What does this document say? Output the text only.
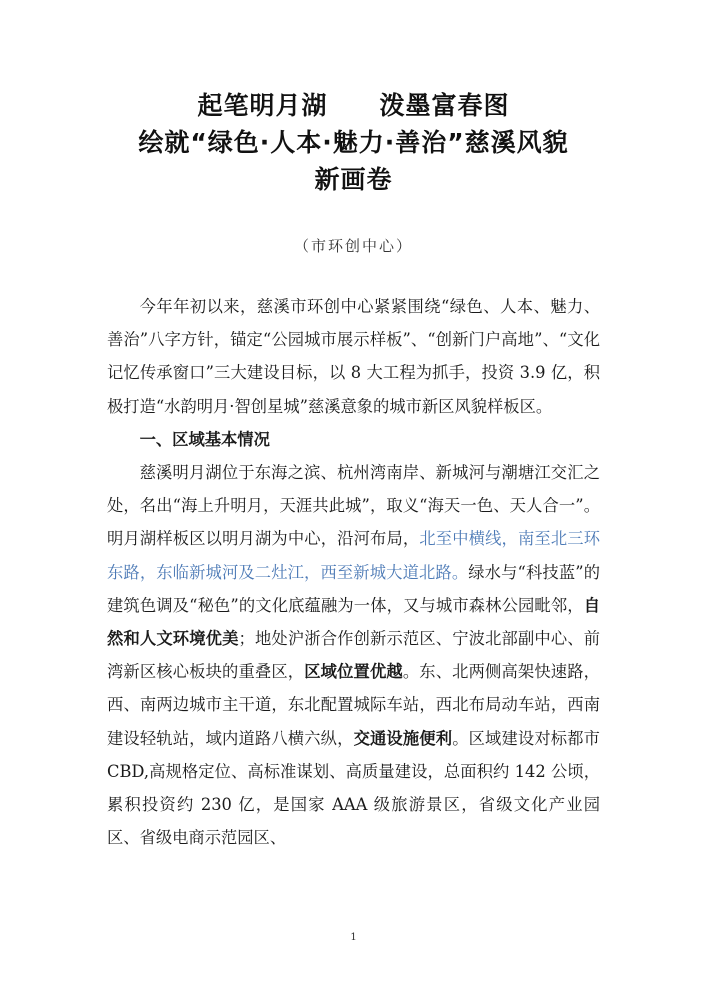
起笔明月湖　　泼墨富春图
绘就“绿色·人本·魅力·善治”慈溪风貌
新画卷
（市环创中心）

今年年初以来，慈溪市环创中心紧紧围绕“绿色、人本、魅力、善治”八字方针，锚定“公园城市展示样板”、“创新门户高地”、“文化记忆传承窗口”三大建设目标，以 8 大工程为抓手，投资 3.9 亿，积极打造“水韵明月·智创星城”慈溪意象的城市新区风貌样板区。

一、区域基本情况

慈溪明月湖位于东海之滨、杭州湾南岸、新城河与潮塘江交汇之处，名出“海上升明月，天涯共此城”，取义“海天一色、天人合一”。明月湖样板区以明月湖为中心，沿河布局，北至中横线，南至北三环东路，东临新城河及二灶江，西至新城大道北路。绿水与“科技蓝”的建筑色调及“秘色”的文化底蕴融为一体，又与城市森林公园毗邻，自然和人文环境优美；地处沪浙合作创新示范区、宁波北部副中心、前湾新区核心板块的重叠区，区域位置优越。东、北两侧高架快速路，西、南两边城市主干道，东北配置城际车站，西北布局动车站，西南建设轻轨站，域内道路八横六纵，交通设施便利。区域建设对标都市 CBD,高规格定位、高标准谋划、高质量建设，总面积约 142 公顷，累积投资约 230 亿，是国家 AAA 级旅游景区，省级文化产业园区、省级电商示范园区、

1
